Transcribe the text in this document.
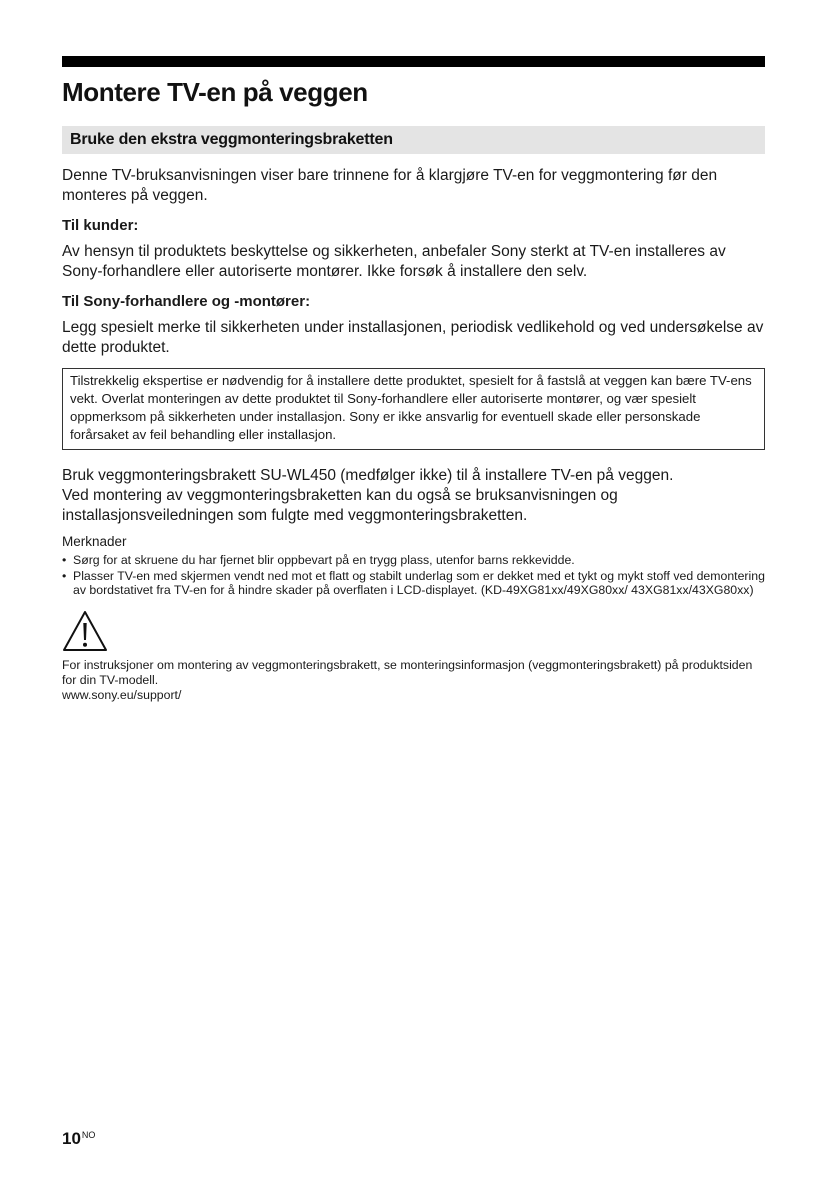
Montere TV-en på veggen
Bruke den ekstra veggmonteringsbraketten

Denne TV-bruksanvisningen viser bare trinnene for å klargjøre TV-en for veggmontering før den monteres på veggen.

Til kunder:

Av hensyn til produktets beskyttelse og sikkerheten, anbefaler Sony sterkt at TV-en installeres av Sony-forhandlere eller autoriserte montører. Ikke forsøk å installere den selv.

Til Sony-forhandlere og -montører:

Legg spesielt merke til sikkerheten under installasjonen, periodisk vedlikehold og ved undersøkelse av dette produktet.

Tilstrekkelig ekspertise er nødvendig for å installere dette produktet, spesielt for å fastslå at veggen kan bære TV-ens vekt. Overlat monteringen av dette produktet til Sony-forhandlere eller autoriserte montører, og vær spesielt oppmerksom på sikkerheten under installasjon. Sony er ikke ansvarlig for eventuell skade eller personskade forårsaket av feil behandling eller installasjon.

Bruk veggmonteringsbrakett SU-WL450 (medfølger ikke) til å installere TV-en på veggen.

Ved montering av veggmonteringsbraketten kan du også se bruksanvisningen og installasjonsveiledningen som fulgte med veggmonteringsbraketten.

Merknader
• Sørg for at skruene du har fjernet blir oppbevart på en trygg plass, utenfor barns rekkevidde.
• Plasser TV-en med skjermen vendt ned mot et flatt og stabilt underlag som er dekket med et tykt og mykt stoff ved demontering av bordstativet fra TV-en for å hindre skader på overflaten i LCD-displayet. (KD-49XG81xx/49XG80xx/ 43XG81xx/43XG80xx)
For instruksjoner om montering av veggmonteringsbrakett, se monteringsinformasjon (veggmonteringsbrakett) på produktsiden for din TV-modell.
www.sony.eu/support/
$10^{NO}$
